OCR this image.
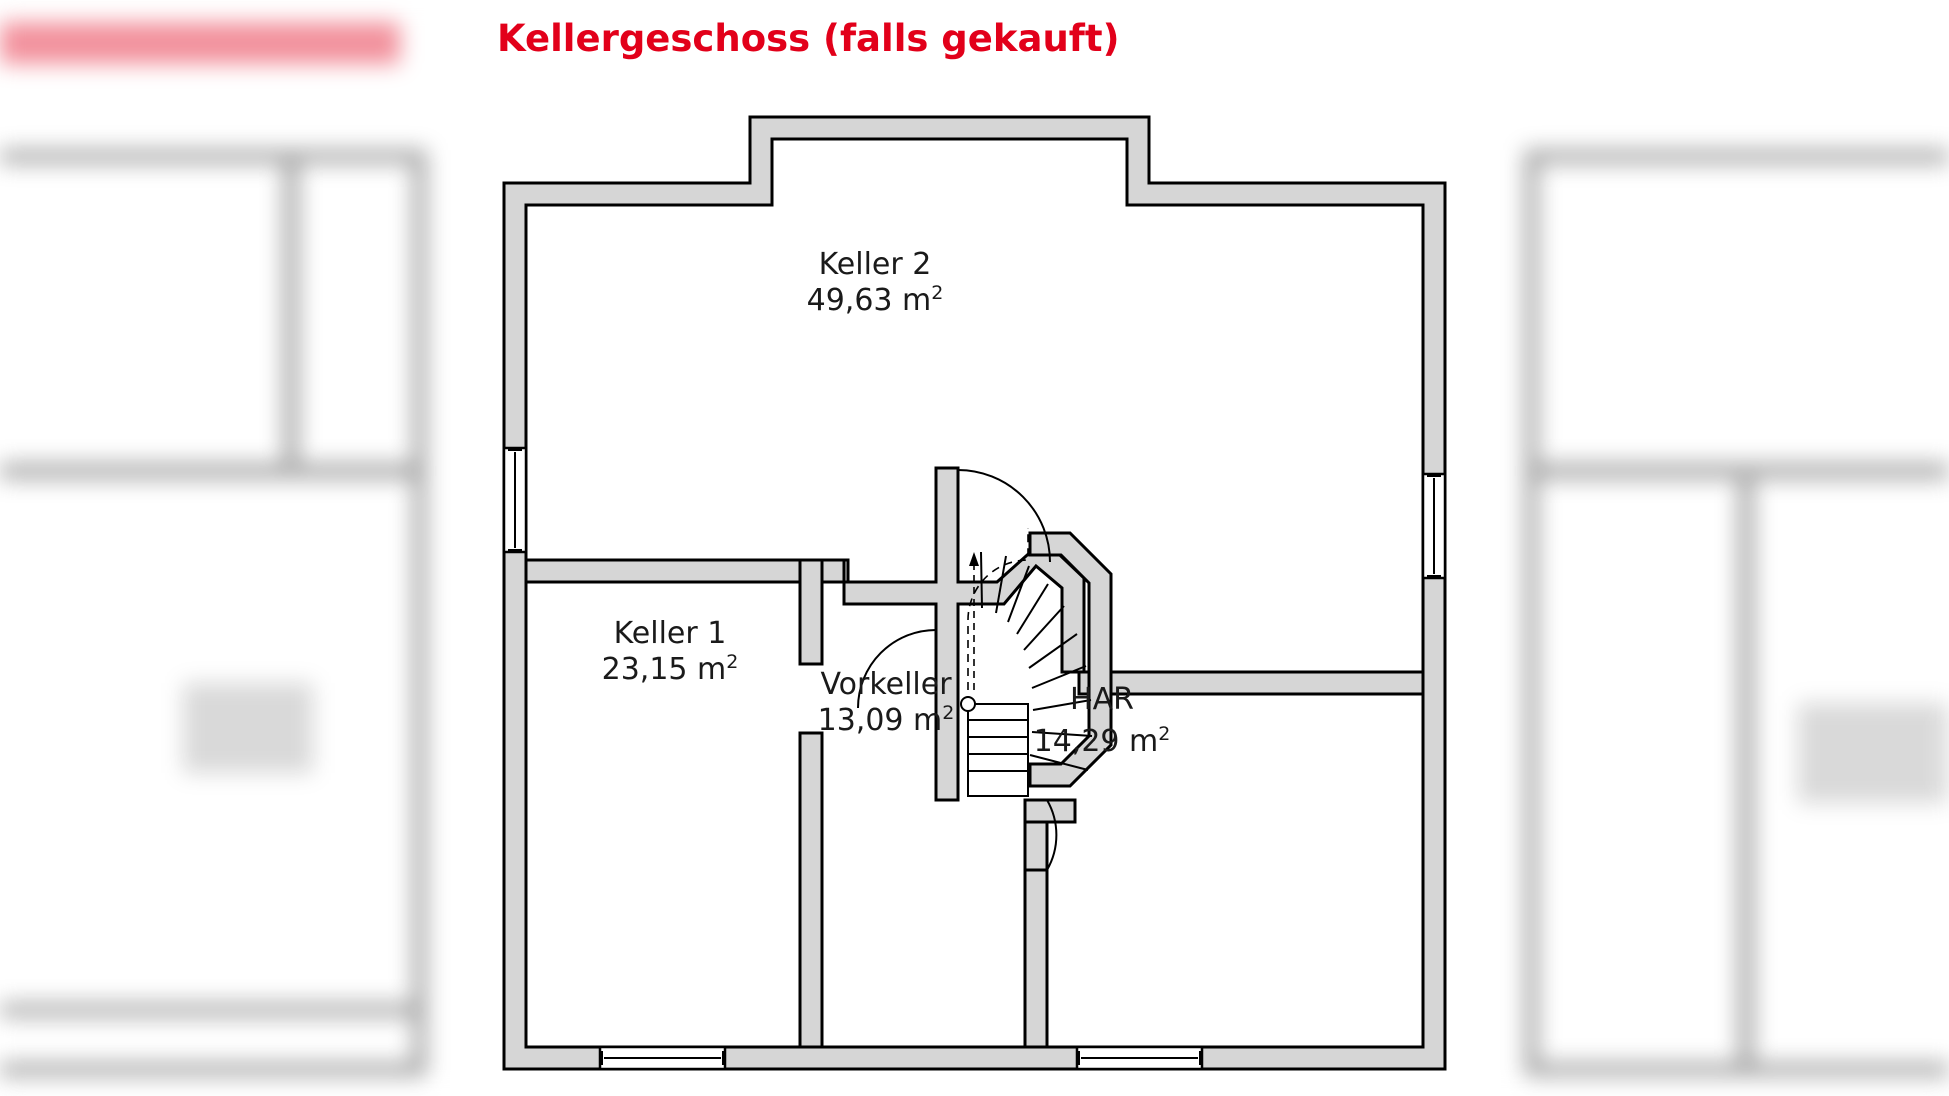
Kellergeschoss (falls gekauft)
Keller 2
49,63 $m^2$
Keller 1
23,15 $m^2$
Vorkeller
13,09 $m^2$	HAR
14,29 $m^2$
